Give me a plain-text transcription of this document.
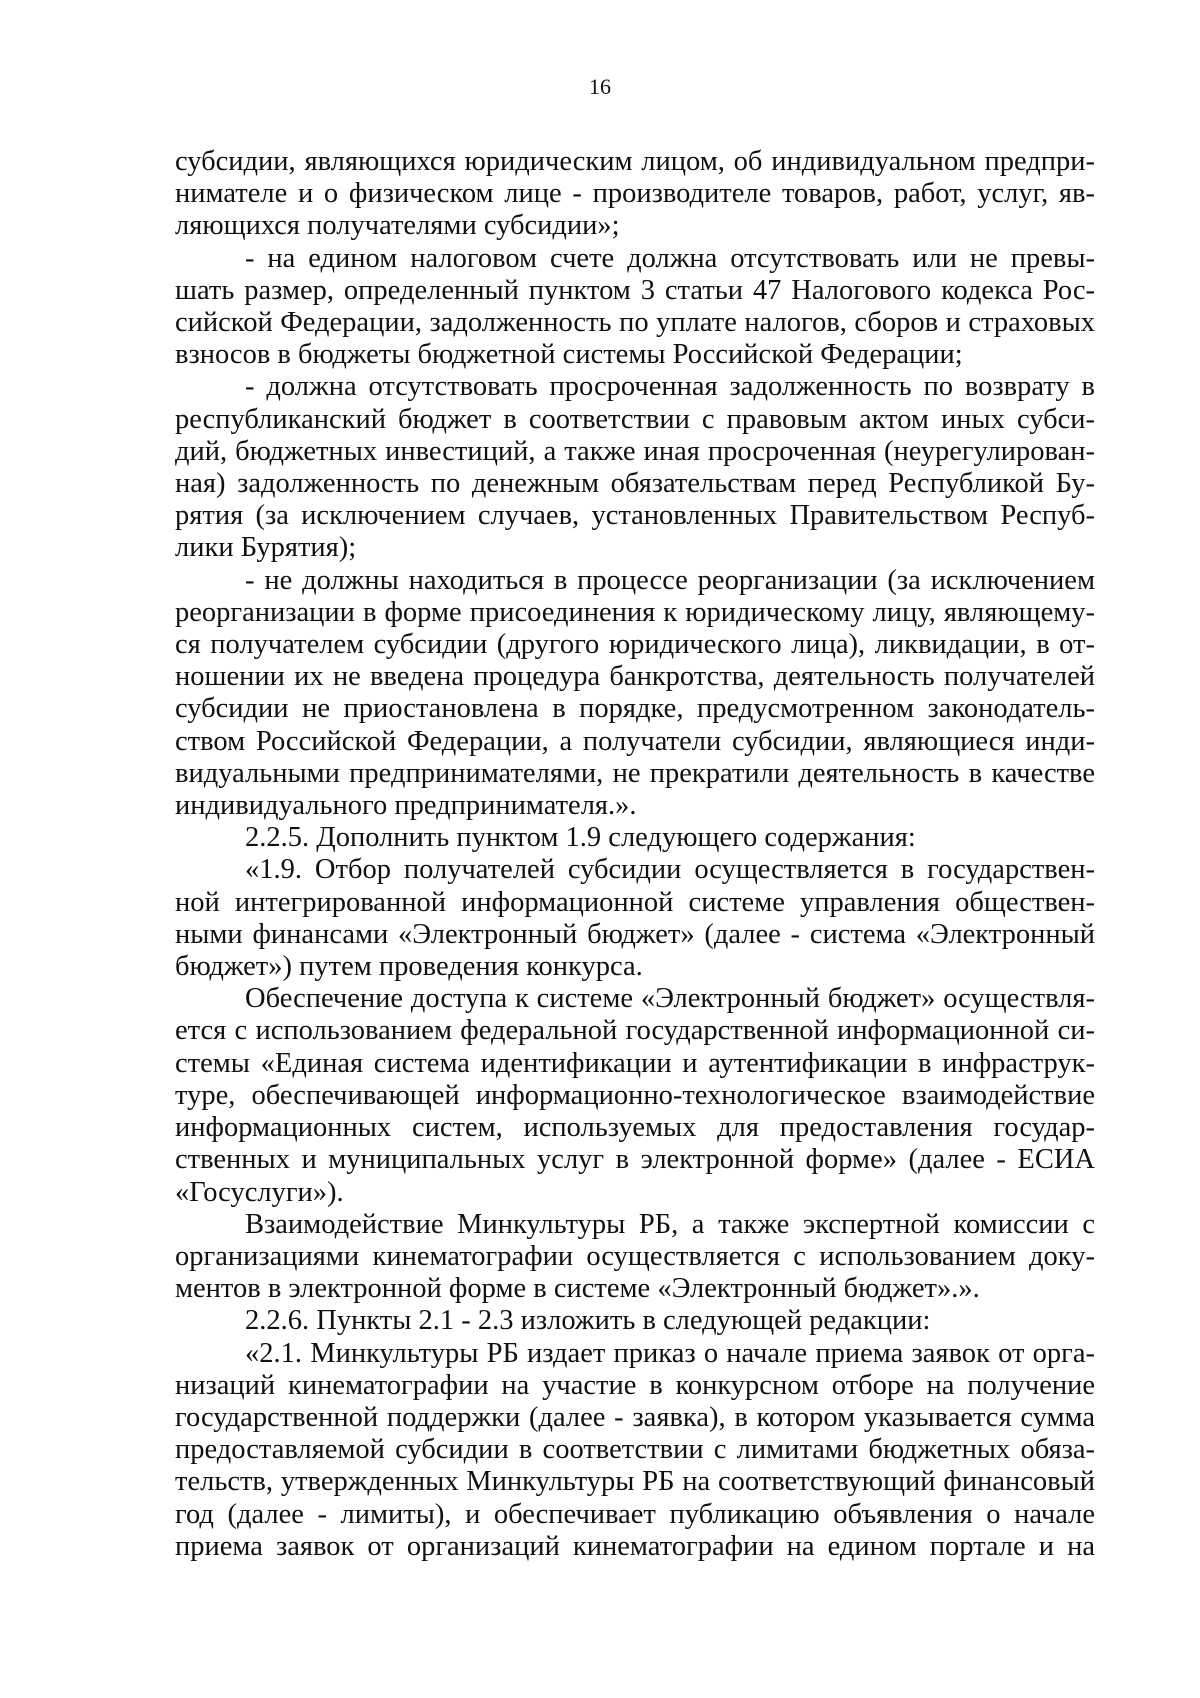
16
субсидии, являющихся юридическим лицом, об индивидуальном предпри-
нимателе и о физическом лице - производителе товаров, работ, услуг, яв-
ляющихся получателями субсидии»;
- на едином налоговом счете должна отсутствовать или не превы-
шать размер, определенный пунктом 3 статьи 47 Налогового кодекса Рос-
сийской Федерации, задолженность по уплате налогов, сборов и страховых
взносов в бюджеты бюджетной системы Российской Федерации;
- должна отсутствовать просроченная задолженность по возврату в
республиканский бюджет в соответствии с правовым актом иных субси-
дий, бюджетных инвестиций, а также иная просроченная (неурегулирован-
ная) задолженность по денежным обязательствам перед Республикой Бу-
рятия (за исключением случаев, установленных Правительством Респуб-
лики Бурятия);
- не должны находиться в процессе реорганизации (за исключением
реорганизации в форме присоединения к юридическому лицу, являющему-
ся получателем субсидии (другого юридического лица), ликвидации, в от-
ношении их не введена процедура банкротства, деятельность получателей
субсидии не приостановлена в порядке, предусмотренном законодатель-
ством Российской Федерации, а получатели субсидии, являющиеся инди-
видуальными предпринимателями, не прекратили деятельность в качестве
индивидуального предпринимателя.».
2.2.5. Дополнить пунктом 1.9 следующего содержания:
«1.9. Отбор получателей субсидии осуществляется в государствен-
ной интегрированной информационной системе управления обществен-
ными финансами «Электронный бюджет» (далее - система «Электронный
бюджет») путем проведения конкурса.
Обеспечение доступа к системе «Электронный бюджет» осуществля-
ется с использованием федеральной государственной информационной си-
стемы «Единая система идентификации и аутентификации в инфраструк-
туре, обеспечивающей информационно-технологическое взаимодействие
информационных систем, используемых для предоставления государ-
ственных и муниципальных услуг в электронной форме» (далее - ЕСИА
«Госуслуги»).
Взаимодействие Минкультуры РБ, а также экспертной комиссии с
организациями кинематографии осуществляется с использованием доку-
ментов в электронной форме в системе «Электронный бюджет».».
2.2.6. Пункты 2.1 - 2.3 изложить в следующей редакции:
«2.1. Минкультуры РБ издает приказ о начале приема заявок от орга-
низаций кинематографии на участие в конкурсном отборе на получение
государственной поддержки (далее - заявка), в котором указывается сумма
предоставляемой субсидии в соответствии с лимитами бюджетных обяза-
тельств, утвержденных Минкультуры РБ на соответствующий финансовый
год (далее - лимиты), и обеспечивает публикацию объявления о начале
приема заявок от организаций кинематографии на едином портале и на
